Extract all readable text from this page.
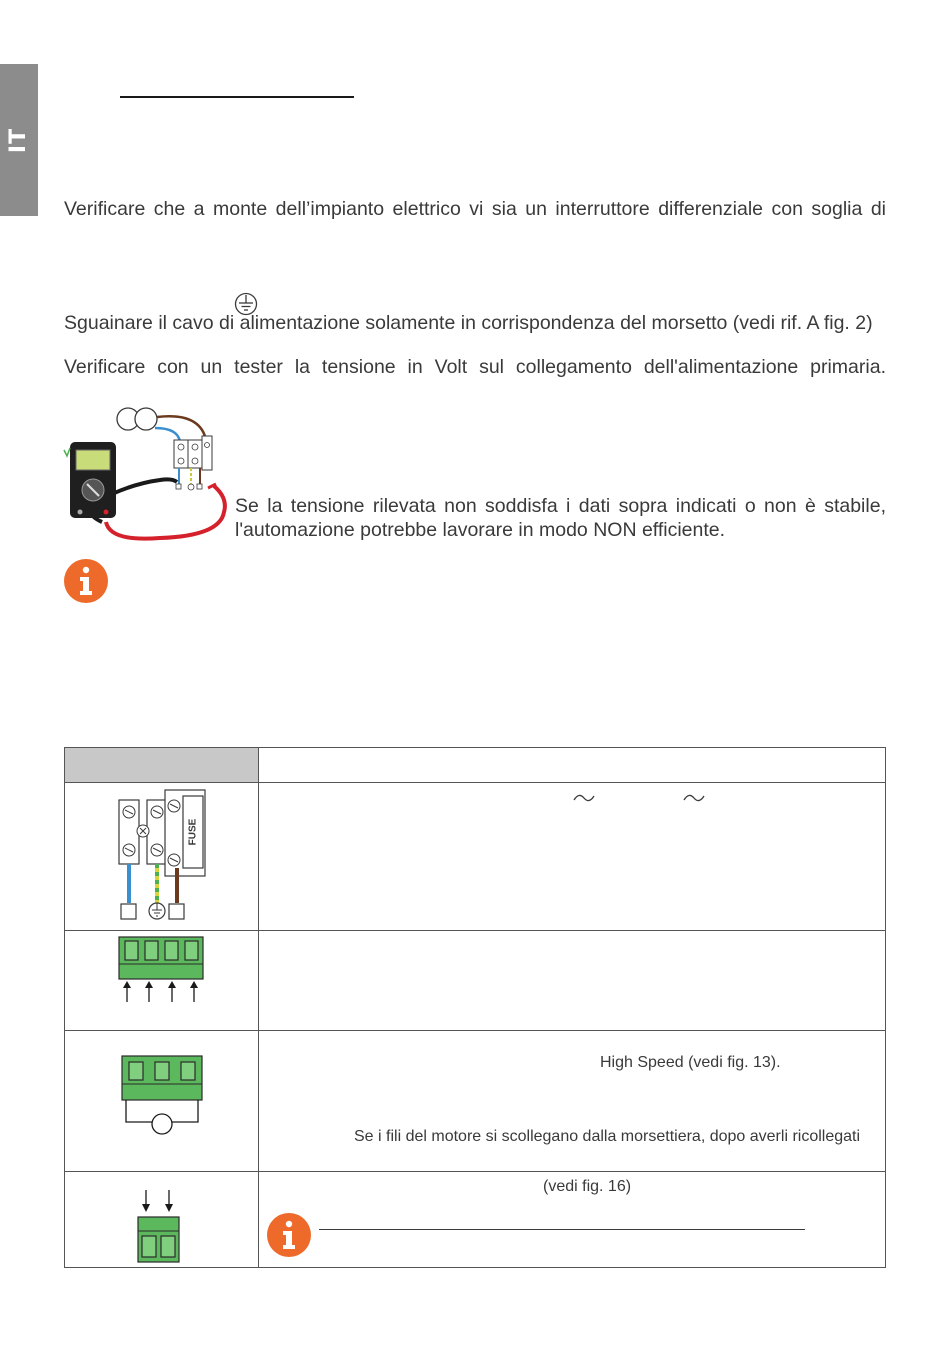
IT
Verificare che a monte dell’impianto elettrico vi sia un interruttore differenziale con soglia di
Sguainare il cavo di alimentazione solamente in corrispondenza del morsetto (vedi rif. A fig. 2)
Verificare con un tester la tensione in Volt sul collegamento dell'alimentazione primaria.
Se la tensione rilevata non soddisfa i dati sopra indicati o non è stabile, l'automazione potrebbe lavorare in modo NON efficiente.
FUSE
High Speed (vedi fig. 13).
Se i fili del motore si scollegano dalla morsettiera, dopo averli ricollegati
(vedi fig. 16)
